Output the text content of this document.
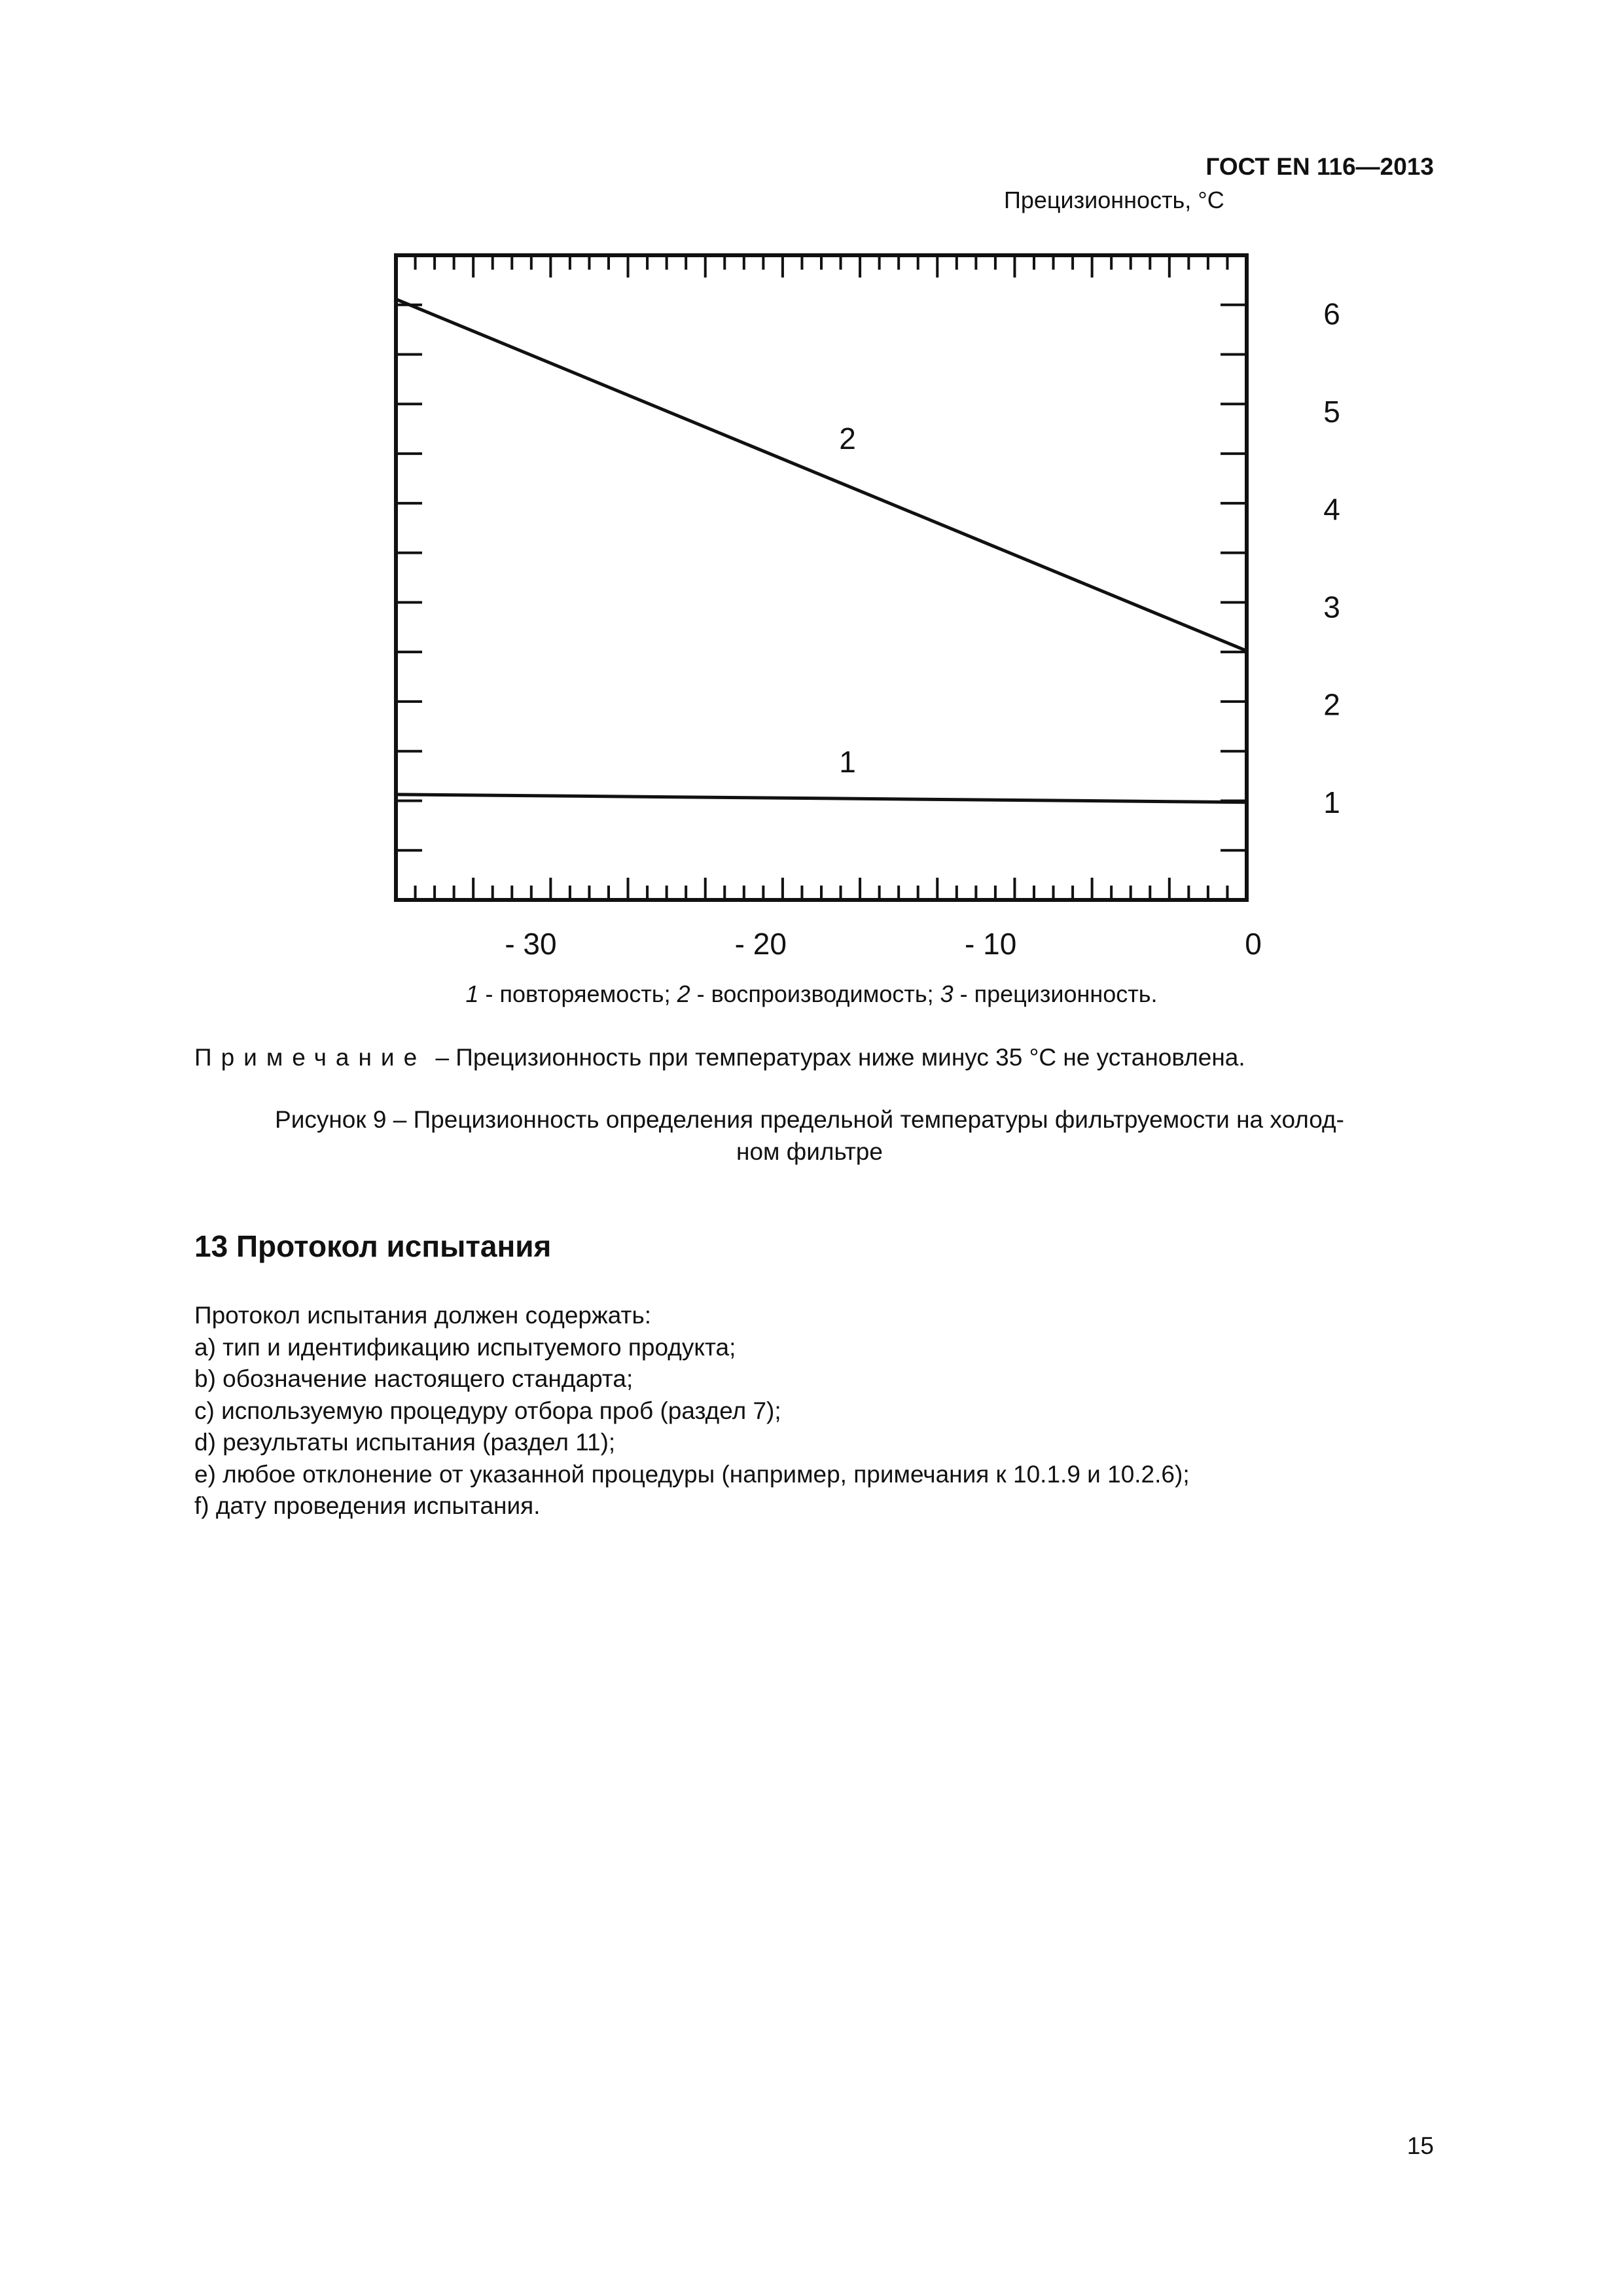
ГОСТ EN 116—2013
Прецизионность, °C
1
2
1
2
3
4
5
6
- 30	- 20	- 10	0
1 - повторяемость; 2 - воспроизводимость; 3 - прецизионность.
Примечание – Прецизионность при температурах ниже минус 35 °C не установлена.
Рисунок 9 – Прецизионность определения предельной температуры фильтруемости на холод-
ном фильтре
13 Протокол испытания
Протокол испытания должен содержать:
а) тип и идентификацию испытуемого продукта;
b) обозначение настоящего стандарта;
c) используемую процедуру отбора проб (раздел 7);
d) результаты испытания (раздел 11);
e) любое отклонение от указанной процедуры (например, примечания к 10.1.9 и 10.2.6);
f) дату проведения испытания.
15
